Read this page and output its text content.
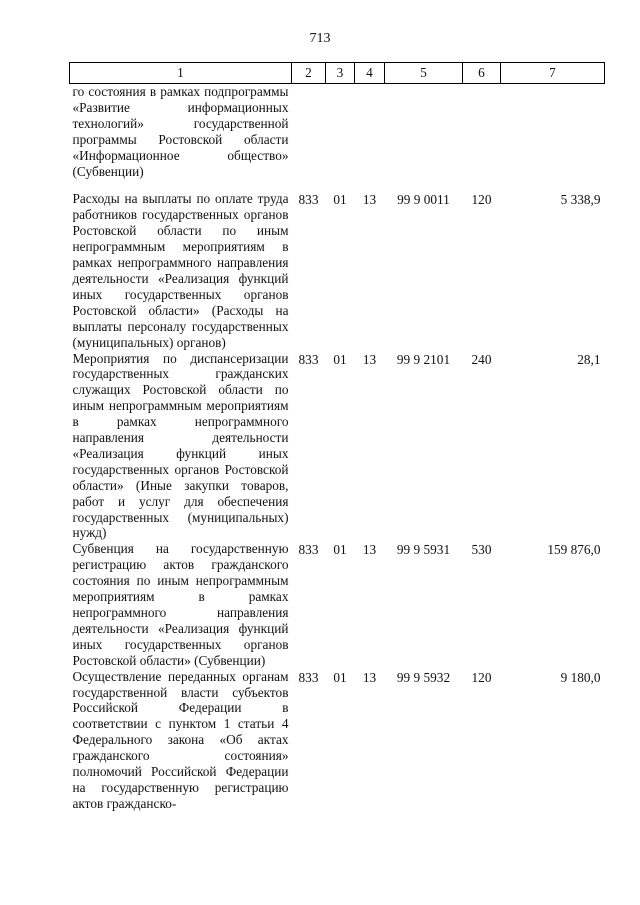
713
1	2	3	4	5	6	7
го состояния в рамках подпрограммы «Развитие информационных технологий» государственной программы Ростовской области «Информационное общество» (Субвенции)						
Расходы на выплаты по оплате труда работников государственных органов Ростовской области по иным непрограммным мероприятиям в рамках непрограммного направления деятельности «Реализация функций иных государственных органов Ростовской области» (Расходы на выплаты персоналу государственных (муниципальных) органов)	833	01	13	99 9 0011	120	5 338,9
Мероприятия по диспансеризации государственных гражданских служащих Ростовской области по иным непрограммным мероприятиям в рамках непрограммного направления деятельности «Реализация функций иных государственных органов Ростовской области» (Иные закупки товаров, работ и услуг для обеспечения государственных (муниципальных) нужд)	833	01	13	99 9 2101	240	28,1
Субвенция на государственную регистрацию актов гражданского состояния по иным непрограммным мероприятиям в рамках непрограммного направления деятельности «Реализация функций иных государственных органов Ростовской области» (Субвенции)	833	01	13	99 9 5931	530	159 876,0
Осуществление переданных органам государственной власти субъектов Российской Федерации в соответствии с пунктом 1 статьи 4 Федерального закона «Об актах гражданского состояния» полномочий Российской Федерации на государственную регистрацию актов гражданско-	833	01	13	99 9 5932	120	9 180,0
